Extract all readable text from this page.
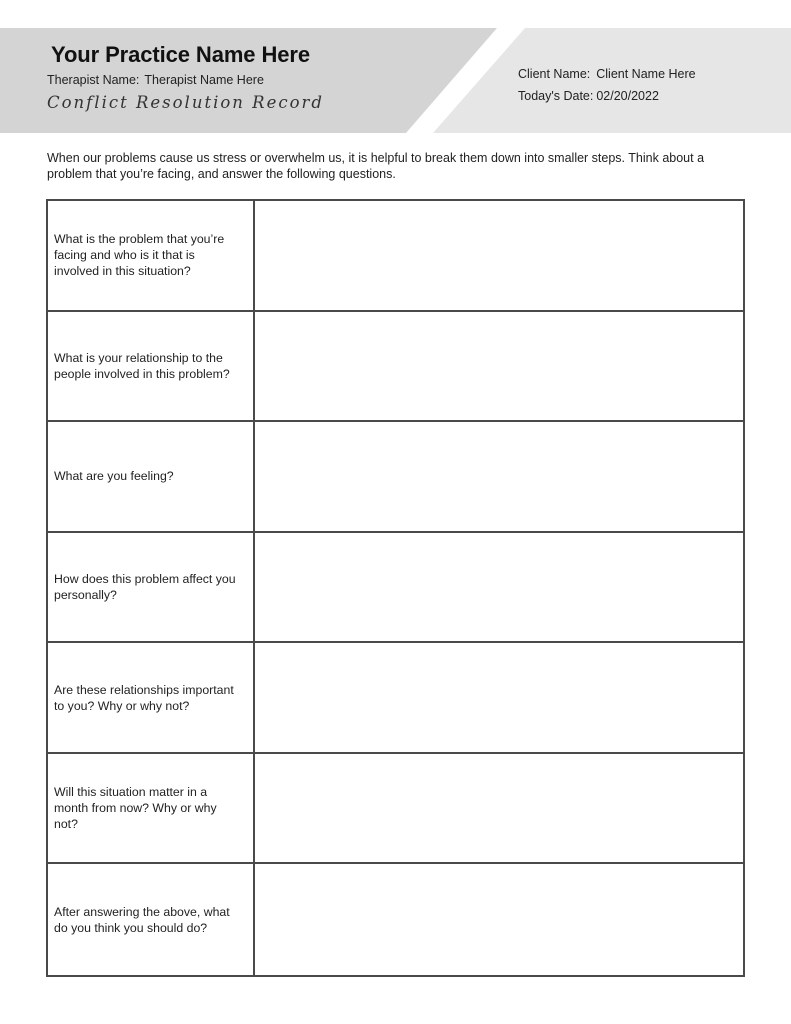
Your Practice Name Here
Therapist Name: Therapist Name Here
Conflict Resolution Record
Client Name: Client Name Here
Today's Date: 02/20/2022

When our problems cause us stress or overwhelm us, it is helpful to break them down into smaller steps. Think about a problem that you’re facing, and answer the following questions.

What is the problem that you’re facing and who is it that is involved in this situation?
What is your relationship to the people involved in this problem?
What are you feeling?
How does this problem affect you personally?
Are these relationships important to you? Why or why not?
Will this situation matter in a month from now? Why or why not?
After answering the above, what do you think you should do?
